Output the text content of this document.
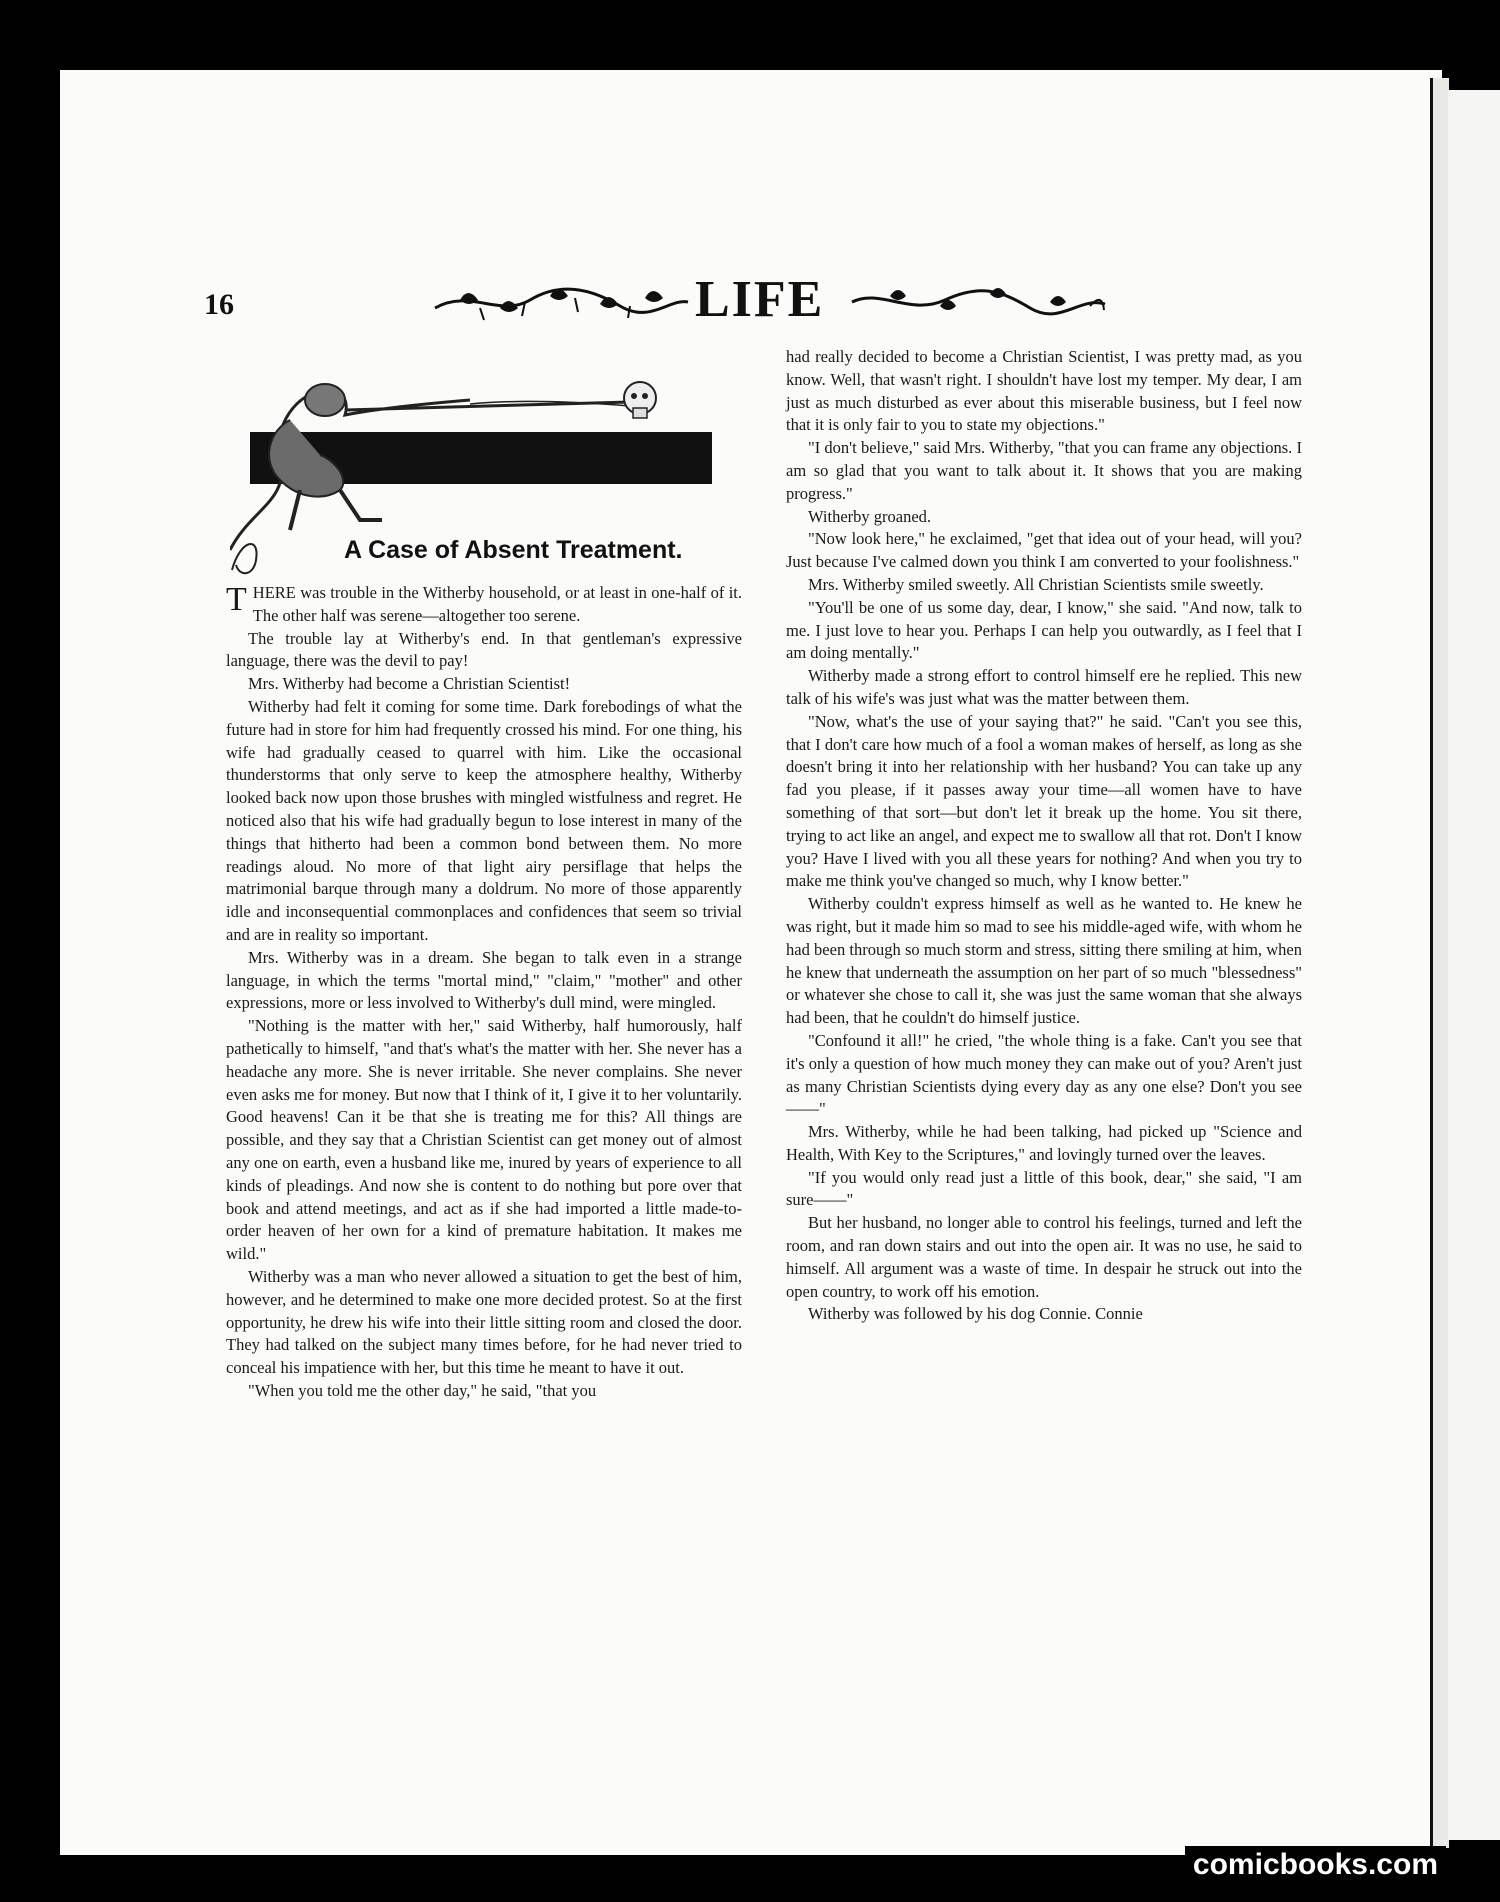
16	LIFE
A Case of Absent Treatment.

THERE was trouble in the Witherby household, or at least in one-half of it. The other half was serene—altogether too serene.

The trouble lay at Witherby's end. In that gentleman's expressive language, there was the devil to pay!

Mrs. Witherby had become a Christian Scientist!

Witherby had felt it coming for some time. Dark forebodings of what the future had in store for him had frequently crossed his mind. For one thing, his wife had gradually ceased to quarrel with him. Like the occasional thunderstorms that only serve to keep the atmosphere healthy, Witherby looked back now upon those brushes with mingled wistfulness and regret. He noticed also that his wife had gradually begun to lose interest in many of the things that hitherto had been a common bond between them. No more readings aloud. No more of that light airy persiflage that helps the matrimonial barque through many a doldrum. No more of those apparently idle and inconsequential commonplaces and confidences that seem so trivial and are in reality so important.

Mrs. Witherby was in a dream. She began to talk even in a strange language, in which the terms "mortal mind," "claim," "mother" and other expressions, more or less involved to Witherby's dull mind, were mingled.

"Nothing is the matter with her," said Witherby, half humorously, half pathetically to himself, "and that's what's the matter with her. She never has a headache any more. She is never irritable. She never complains. She never even asks me for money. But now that I think of it, I give it to her voluntarily. Good heavens! Can it be that she is treating me for this? All things are possible, and they say that a Christian Scientist can get money out of almost any one on earth, even a husband like me, inured by years of experience to all kinds of pleadings. And now she is content to do nothing but pore over that book and attend meetings, and act as if she had imported a little made-to-order heaven of her own for a kind of premature habitation. It makes me wild."

Witherby was a man who never allowed a situation to get the best of him, however, and he determined to make one more decided protest. So at the first opportunity, he drew his wife into their little sitting room and closed the door. They had talked on the subject many times before, for he had never tried to conceal his impatience with her, but this time he meant to have it out.

"When you told me the other day," he said, "that you

had really decided to become a Christian Scientist, I was pretty mad, as you know. Well, that wasn't right. I shouldn't have lost my temper. My dear, I am just as much disturbed as ever about this miserable business, but I feel now that it is only fair to you to state my objections."

"I don't believe," said Mrs. Witherby, "that you can frame any objections. I am so glad that you want to talk about it. It shows that you are making progress."

Witherby groaned.

"Now look here," he exclaimed, "get that idea out of your head, will you? Just because I've calmed down you think I am converted to your foolishness."

Mrs. Witherby smiled sweetly. All Christian Scientists smile sweetly.

"You'll be one of us some day, dear, I know," she said. "And now, talk to me. I just love to hear you. Perhaps I can help you outwardly, as I feel that I am doing mentally."

Witherby made a strong effort to control himself ere he replied. This new talk of his wife's was just what was the matter between them.

"Now, what's the use of your saying that?" he said. "Can't you see this, that I don't care how much of a fool a woman makes of herself, as long as she doesn't bring it into her relationship with her husband? You can take up any fad you please, if it passes away your time—all women have to have something of that sort—but don't let it break up the home. You sit there, trying to act like an angel, and expect me to swallow all that rot. Don't I know you? Have I lived with you all these years for nothing? And when you try to make me think you've changed so much, why I know better."

Witherby couldn't express himself as well as he wanted to. He knew he was right, but it made him so mad to see his middle-aged wife, with whom he had been through so much storm and stress, sitting there smiling at him, when he knew that underneath the assumption on her part of so much "blessedness" or whatever she chose to call it, she was just the same woman that she always had been, that he couldn't do himself justice.

"Confound it all!" he cried, "the whole thing is a fake. Can't you see that it's only a question of how much money they can make out of you? Aren't just as many Christian Scientists dying every day as any one else? Don't you see——"

Mrs. Witherby, while he had been talking, had picked up "Science and Health, With Key to the Scriptures," and lovingly turned over the leaves.

"If you would only read just a little of this book, dear," she said, "I am sure——"

But her husband, no longer able to control his feelings, turned and left the room, and ran down stairs and out into the open air. It was no use, he said to himself. All argument was a waste of time. In despair he struck out into the open country, to work off his emotion.

Witherby was followed by his dog Connie. Connie

comicbooks.com
